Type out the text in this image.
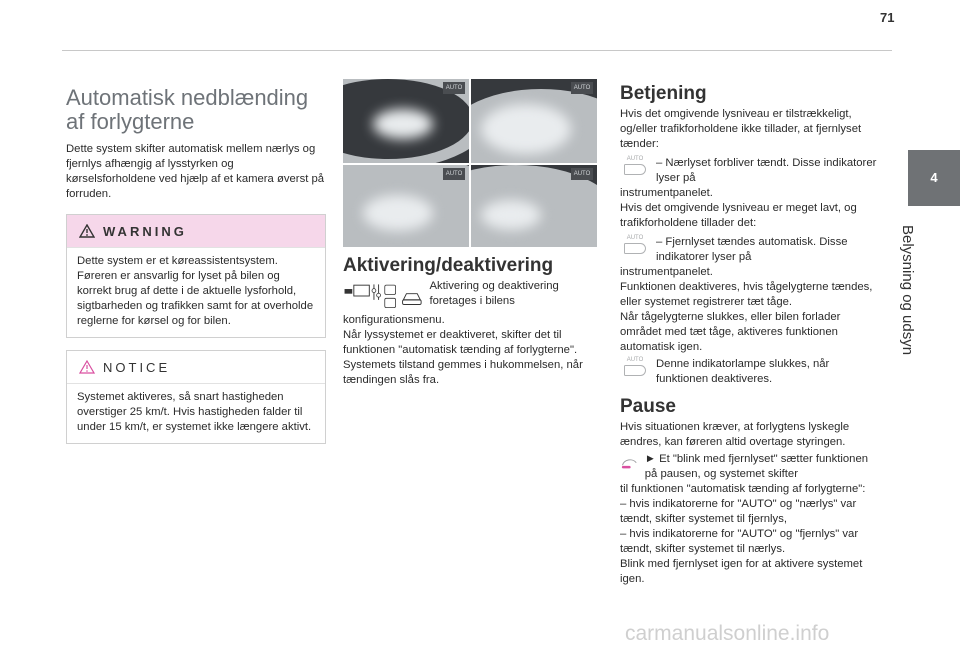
71
4
Belysning og udsyn
Automatisk nedblænding af forlygterne

Dette system skifter automatisk mellem nærlys og fjernlys afhængig af lysstyrken og kørselsforholdene ved hjælp af et kamera øverst på forruden.

WARNING

Dette system er et køreassistentsystem. Føreren er ansvarlig for lyset på bilen og korrekt brug af dette i de aktuelle lysforhold, sigtbarheden og trafikken samt for at overholde reglerne for kørsel og for bilen.

NOTICE

Systemet aktiveres, så snart hastigheden overstiger 25 km/t. Hvis hastigheden falder til under 15 km/t, er systemet ikke længere aktivt.

AUTO	AUTO
AUTO	AUTO
Aktivering/deaktivering

Aktivering og deaktivering foretages i bilens

konfigurationsmenu.

Når lyssystemet er deaktiveret, skifter det til funktionen "automatisk tænding af forlygterne".

Systemets tilstand gemmes i hukommelsen, når tændingen slås fra.

Betjening

Hvis det omgivende lysniveau er tilstrækkeligt, og/eller trafikforholdene ikke tillader, at fjernlyset tænder:

AUTO	– Nærlyset forbliver tændt. Disse indikatorer lyser på

instrumentpanelet.

Hvis det omgivende lysniveau er meget lavt, og trafikforholdene tillader det:

AUTO	– Fjernlyset tændes automatisk. Disse indikatorer lyser på

instrumentpanelet.

Funktionen deaktiveres, hvis tågelygterne tændes, eller systemet registrerer tæt tåge.

Når tågelygterne slukkes, eller bilen forlader området med tæt tåge, aktiveres funktionen automatisk igen.

AUTO	Denne indikatorlampe slukkes, når funktionen deaktiveres.

Pause

Hvis situationen kræver, at forlygtens lyskegle ændres, kan føreren altid overtage styringen.

► Et "blink med fjernlyset" sætter funktionen på pausen, og systemet skifter

til funktionen "automatisk tænding af forlygterne":

– hvis indikatorerne for "AUTO" og "nærlys" var tændt, skifter systemet til fjernlys,

– hvis indikatorerne for "AUTO" og "fjernlys" var tændt, skifter systemet til nærlys.

Blink med fjernlyset igen for at aktivere systemet igen.

carmanualsonline.info
